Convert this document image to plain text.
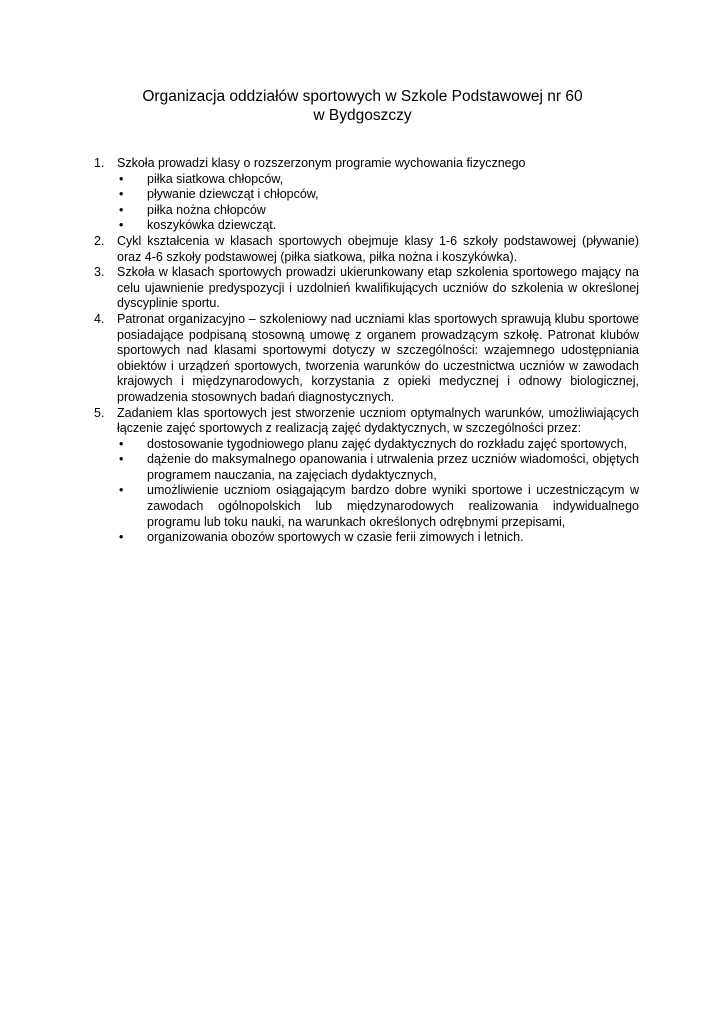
Organizacja oddziałów sportowych w Szkole Podstawowej nr 60
w Bydgoszczy
1. Szkoła prowadzi klasy o rozszerzonym programie wychowania fizycznego
piłka siatkowa chłopców,
pływanie dziewcząt i chłopców,
piłka nożna chłopców
koszykówka dziewcząt.
2. Cykl kształcenia w klasach sportowych obejmuje klasy 1-6 szkoły podstawowej (pływanie) oraz 4-6 szkoły podstawowej (piłka siatkowa, piłka nożna i koszykówka).
3. Szkoła w klasach sportowych prowadzi ukierunkowany etap szkolenia sportowego mający na celu ujawnienie predyspozycji i uzdolnień kwalifikujących uczniów do szkolenia w określonej dyscyplinie sportu.
4. Patronat organizacyjno – szkoleniowy nad uczniami klas sportowych sprawują klubu sportowe posiadające podpisaną stosowną umowę z organem prowadzącym szkołę. Patronat klubów sportowych nad klasami sportowymi dotyczy w szczególności: wzajemnego udostępniania obiektów i urządzeń sportowych, tworzenia warunków do uczestnictwa uczniów w zawodach krajowych i międzynarodowych, korzystania z opieki medycznej i odnowy biologicznej, prowadzenia stosownych badań diagnostycznych.
5. Zadaniem klas sportowych jest stworzenie uczniom optymalnych warunków, umożliwiających łączenie zajęć sportowych z realizacją zajęć dydaktycznych, w szczególności przez:
dostosowanie tygodniowego planu zajęć dydaktycznych do rozkładu zajęć sportowych,
dążenie do maksymalnego opanowania i utrwalenia przez uczniów wiadomości, objętych programem nauczania, na zajęciach dydaktycznych,
umożliwienie uczniom osiągającym bardzo dobre wyniki sportowe i uczestniczącym w zawodach ogólnopolskich lub międzynarodowych realizowania indywidualnego programu lub toku nauki, na warunkach określonych odrębnymi przepisami,
organizowania obozów sportowych w czasie ferii zimowych i letnich.
